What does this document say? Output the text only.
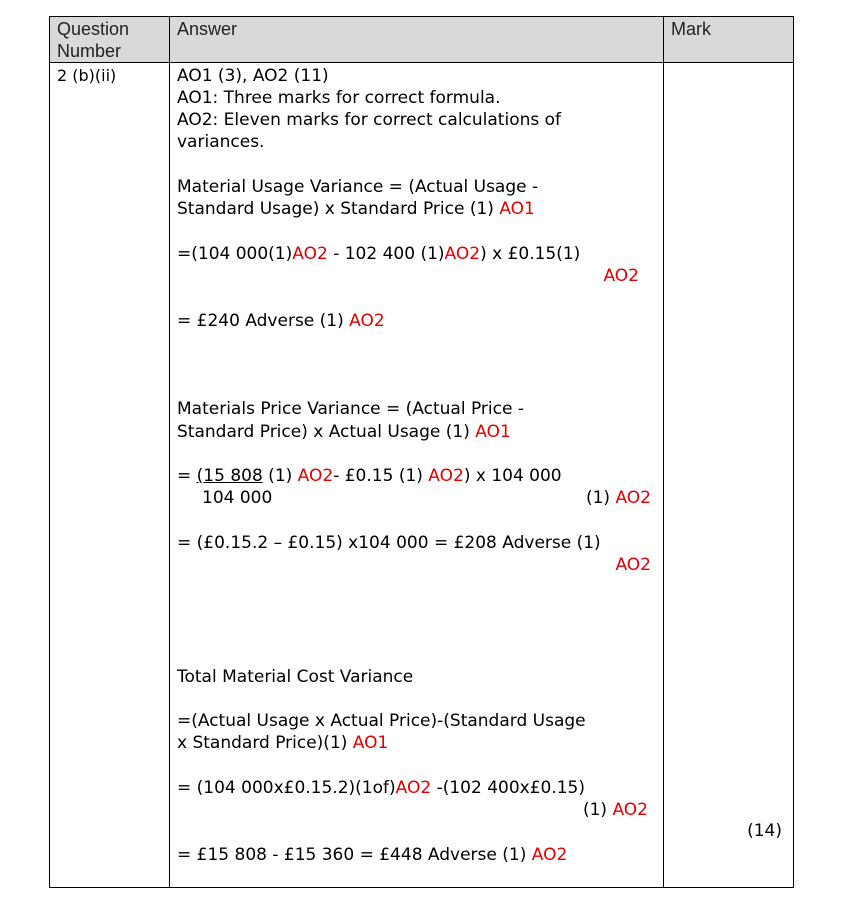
Question
Number
Answer	Mark
2 (b)(ii)
(14)
AO1 (3), AO2 (11)
AO1: Three marks for correct formula.
AO2: Eleven marks for correct calculations of
variances.
Material Usage Variance = (Actual Usage -
Standard Usage) x Standard Price (1) AO1
=(104 000(1)AO2 - 102 400 (1)AO2) x £0.15(1)
AO2
= £240 Adverse (1) AO2
Materials Price Variance = (Actual Price -
Standard Price) x Actual Usage (1) AO1
= (15 808 (1) AO2- £0.15 (1) AO2) x 104 000
104 000	(1) AO2
= (£0.15.2 – £0.15) x104 000 = £208 Adverse (1)
AO2
Total Material Cost Variance
=(Actual Usage x Actual Price)-(Standard Usage
x Standard Price)(1) AO1
= (104 000x£0.15.2)(1of)AO2 -(102 400x£0.15)
(1) AO2
= £15 808 - £15 360 = £448 Adverse (1) AO2
